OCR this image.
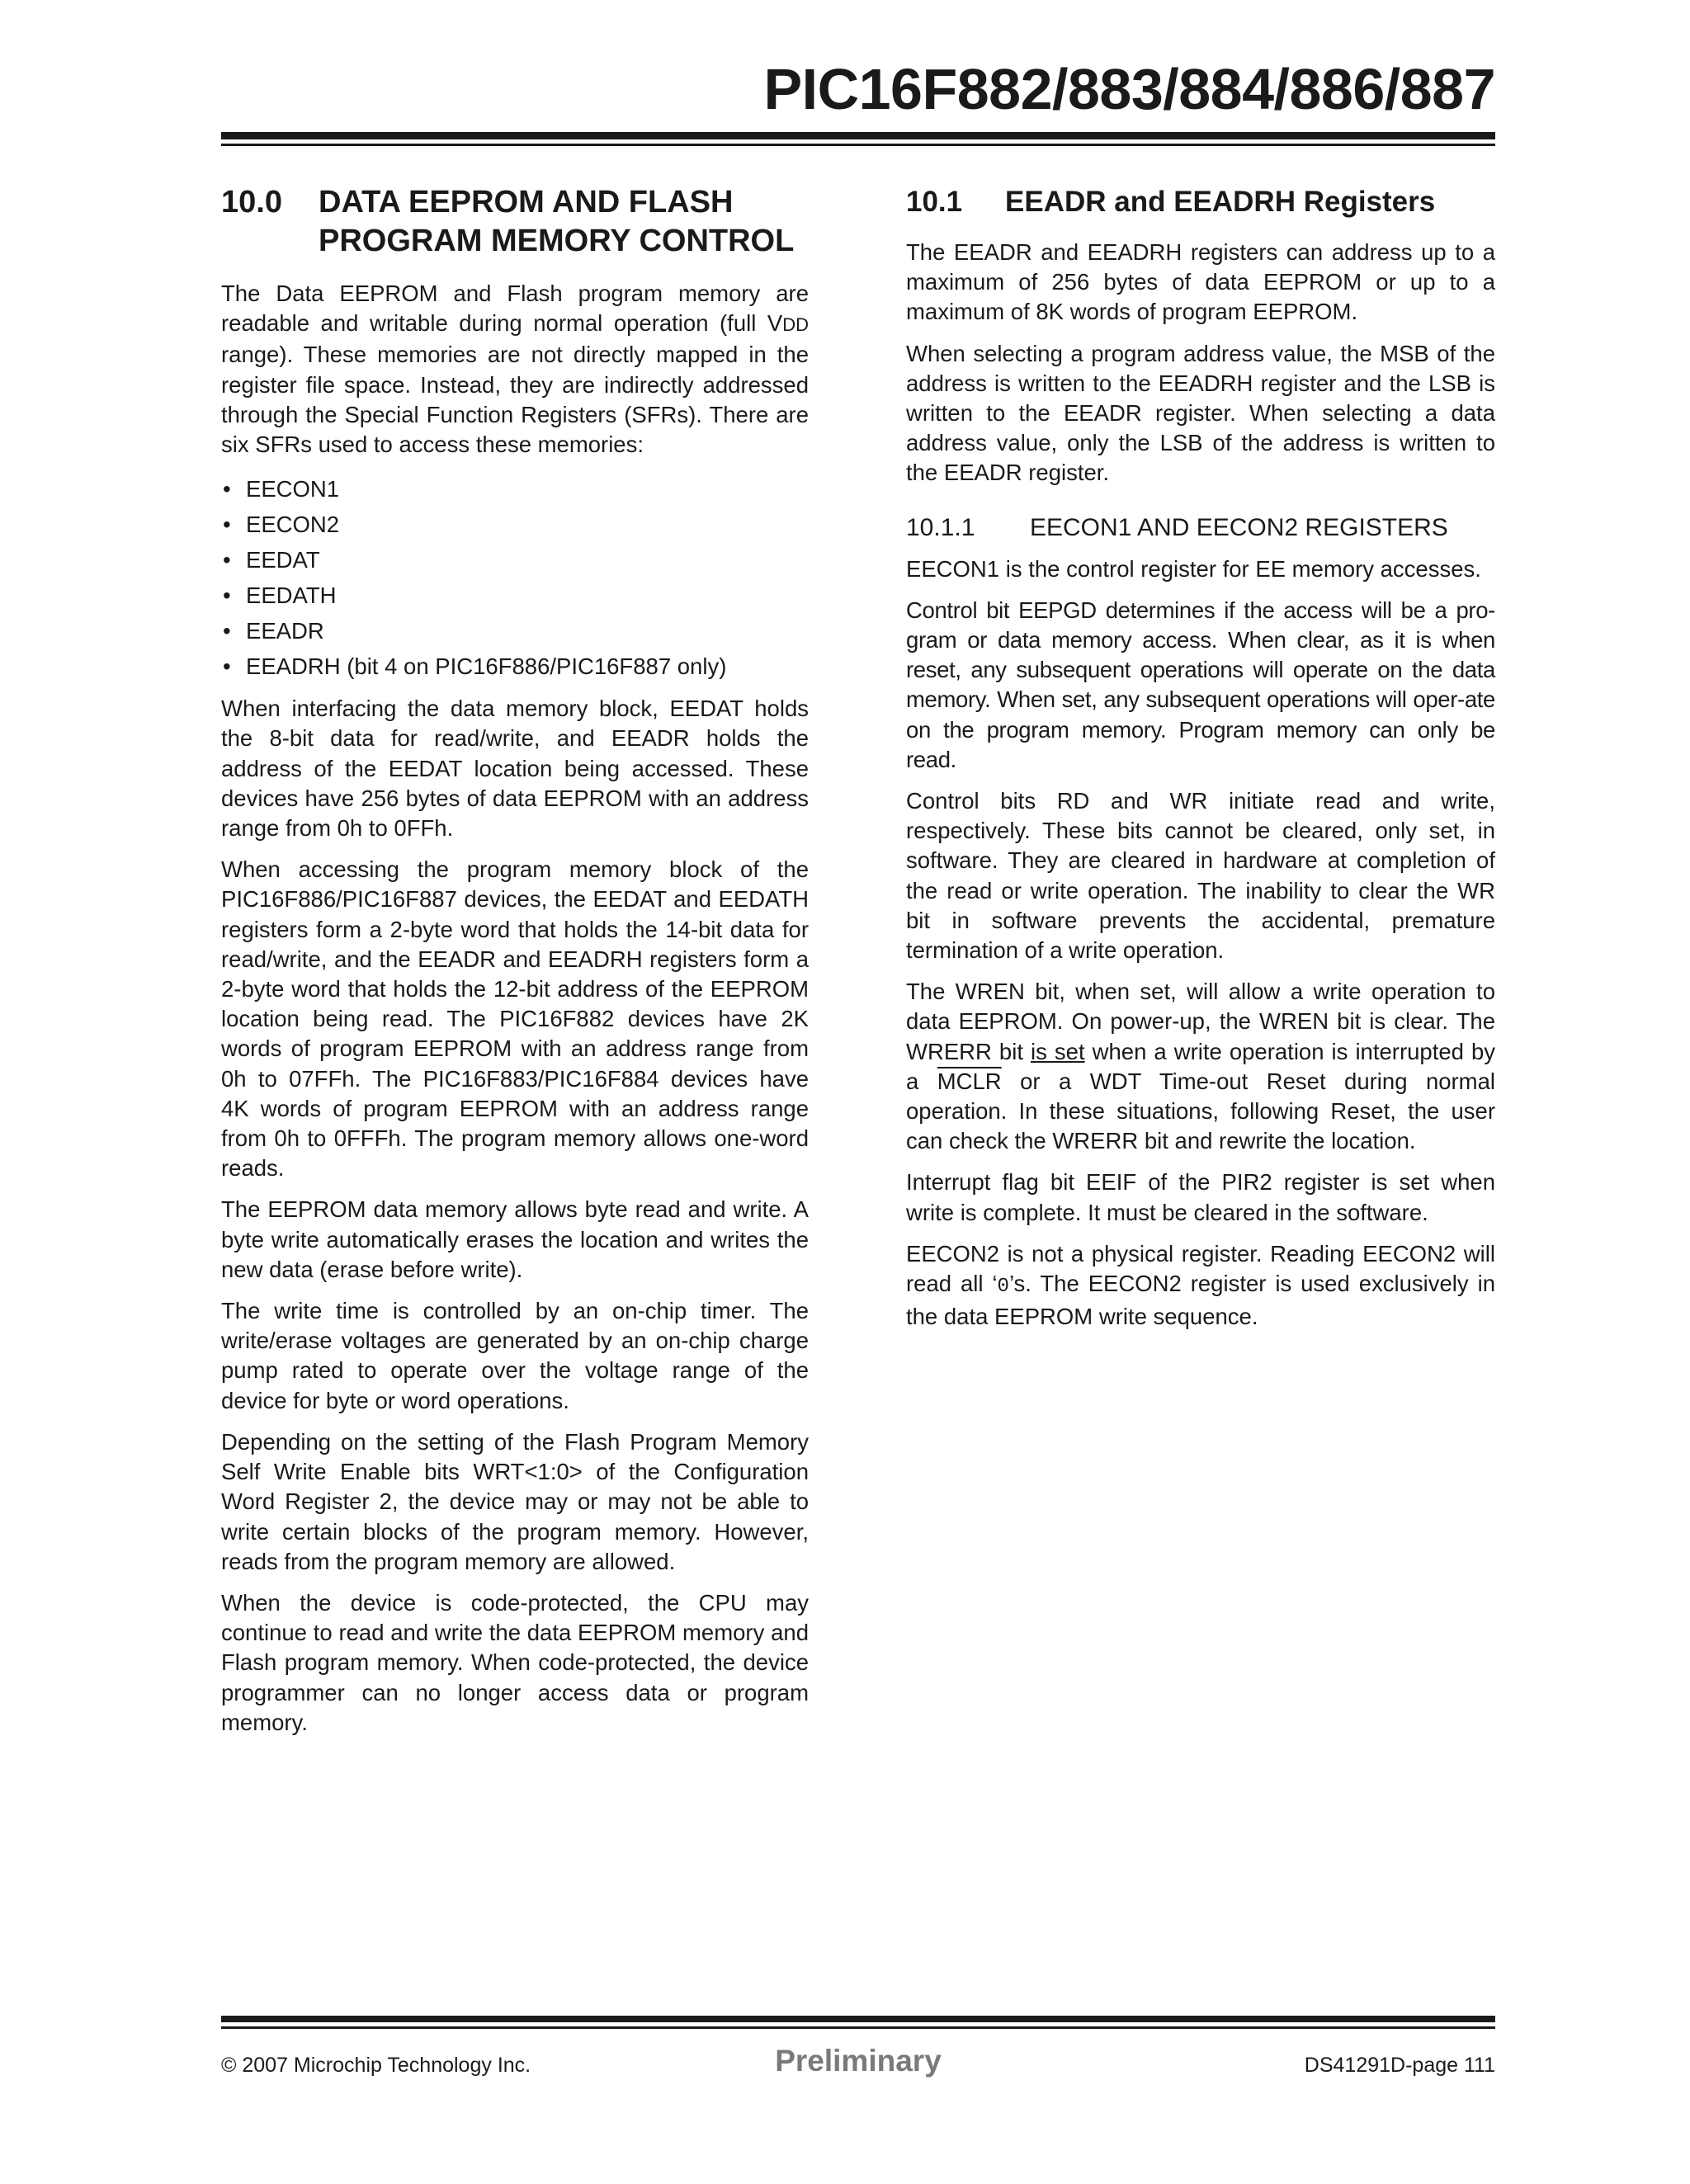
PIC16F882/883/884/886/887
10.0	DATA EEPROM AND FLASH PROGRAM MEMORY CONTROL

The Data EEPROM and Flash program memory are readable and writable during normal operation (full VDD range). These memories are not directly mapped in the register file space. Instead, they are indirectly addressed through the Special Function Registers (SFRs). There are six SFRs used to access these memories:

• EECON1
• EECON2
• EEDAT
• EEDATH
• EEADR
• EEADRH (bit 4 on PIC16F886/PIC16F887 only)

When interfacing the data memory block, EEDAT holds the 8-bit data for read/write, and EEADR holds the address of the EEDAT location being accessed. These devices have 256 bytes of data EEPROM with an address range from 0h to 0FFh.

When accessing the program memory block of the PIC16F886/PIC16F887 devices, the EEDAT and EEDATH registers form a 2-byte word that holds the 14-bit data for read/write, and the EEADR and EEADRH registers form a 2-byte word that holds the 12-bit address of the EEPROM location being read. The PIC16F882 devices have 2K words of program EEPROM with an address range from 0h to 07FFh. The PIC16F883/PIC16F884 devices have 4K words of program EEPROM with an address range from 0h to 0FFFh. The program memory allows one-word reads.

The EEPROM data memory allows byte read and write. A byte write automatically erases the location and writes the new data (erase before write).

The write time is controlled by an on-chip timer. The write/erase voltages are generated by an on-chip charge pump rated to operate over the voltage range of the device for byte or word operations.

Depending on the setting of the Flash Program Memory Self Write Enable bits WRT<1:0> of the Configuration Word Register 2, the device may or may not be able to write certain blocks of the program memory. However, reads from the program memory are allowed.

When the device is code-protected, the CPU may continue to read and write the data EEPROM memory and Flash program memory. When code-protected, the device programmer can no longer access data or program memory.

10.1	EEADR and EEADRH Registers

The EEADR and EEADRH registers can address up to a maximum of 256 bytes of data EEPROM or up to a maximum of 8K words of program EEPROM.

When selecting a program address value, the MSB of the address is written to the EEADRH register and the LSB is written to the EEADR register. When selecting a data address value, only the LSB of the address is written to the EEADR register.

10.1.1	EECON1 AND EECON2 REGISTERS

EECON1 is the control register for EE memory accesses.

Control bit EEPGD determines if the access will be a pro-gram or data memory access. When clear, as it is when reset, any subsequent operations will operate on the data memory. When set, any subsequent operations will oper-ate on the program memory. Program memory can only be read.

Control bits RD and WR initiate read and write, respectively. These bits cannot be cleared, only set, in software. They are cleared in hardware at completion of the read or write operation. The inability to clear the WR bit in software prevents the accidental, premature termination of a write operation.

The WREN bit, when set, will allow a write operation to data EEPROM. On power-up, the WREN bit is clear. The WRERR bit is set when a write operation is interrupted by a MCLR or a WDT Time-out Reset during normal operation. In these situations, following Reset, the user can check the WRERR bit and rewrite the location.

Interrupt flag bit EEIF of the PIR2 register is set when write is complete. It must be cleared in the software.

EECON2 is not a physical register. Reading EECON2 will read all ‘0’s. The EECON2 register is used exclusively in the data EEPROM write sequence.

© 2007 Microchip Technology Inc.	Preliminary	DS41291D-page 111
